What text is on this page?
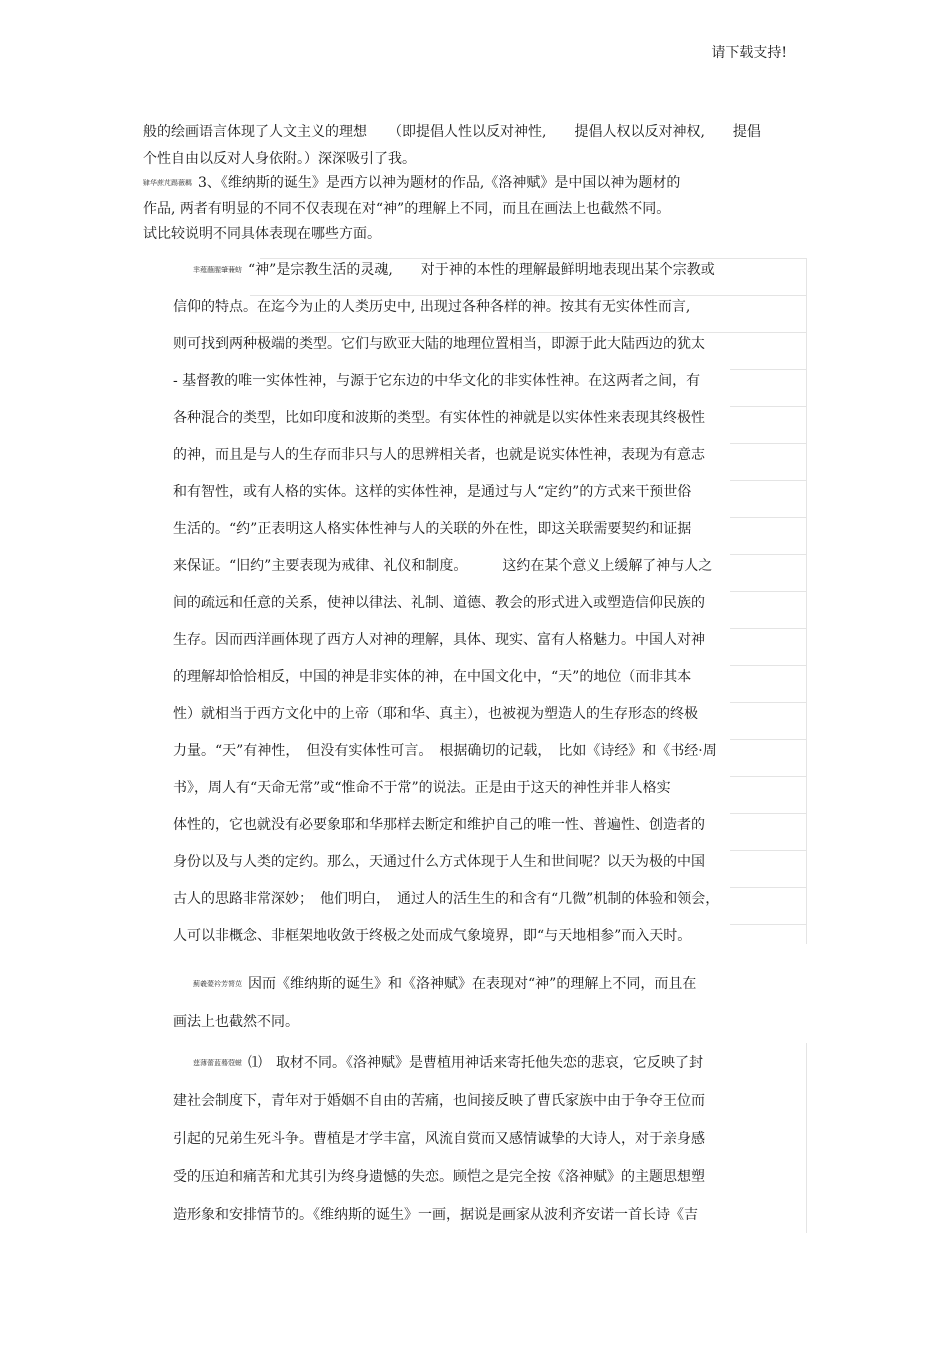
请下载支持!
般的绘画语言体现了人文主义的理想　　（即提倡人性以反对神性,　　提倡人权以反对神权,　　提倡
个性自由以反对人身依附。）深深吸引了我。
肄华蔗芃踢薇羁 3、《维纳斯的诞生》是西方以神为题材的作品,《洛神赋》是中国以神为题材的
作品, 两者有明显的不同不仅表现在对“神”的理解上不同，而且在画法上也截然不同。
试比较说明不同具体表现在哪些方面。
芈薤蘸腥肇蒹蚄 “神”是宗教生活的灵魂,　　对于神的本性的理解最鲜明地表现出某个宗教或
信仰的特点。在迄今为止的人类历史中, 出现过各种各样的神。按其有无实体性而言,
则可找到两种极端的类型。它们与欧亚大陆的地理位置相当，即源于此大陆西边的犹太
- 基督教的唯一实体性神，与源于它东边的中华文化的非实体性神。在这两者之间，有
各种混合的类型，比如印度和波斯的类型。有实体性的神就是以实体性来表现其终极性
的神，而且是与人的生存而非只与人的思辨相关者，也就是说实体性神，表现为有意志
和有智性，或有人格的实体。这样的实体性神，是通过与人“定约”的方式来干预世俗
生活的。“约”正表明这人格实体性神与人的关联的外在性，即这关联需要契约和证据
来保证。“旧约”主要表现为戒律、礼仪和制度。　　　这约在某个意义上缓解了神与人之
间的疏远和任意的关系，使神以律法、礼制、道德、教会的形式进入或塑造信仰民族的
生存。因而西洋画体现了西方人对神的理解，具体、现实、富有人格魅力。中国人对神
的理解却恰恰相反，中国的神是非实体的神，在中国文化中，“天”的地位（而非其本
性）就相当于西方文化中的上帝（耶和华、真主），也被视为塑造人的生存形态的终极
力量。“天”有神性，　但没有实体性可言。　根据确切的记载，　比如《诗经》和《书经·周
书》，周人有“天命无常”或“惟命不于常”的说法。正是由于这天的神性并非人格实
体性的，它也就没有必要象耶和华那样去断定和维护自己的唯一性、普遍性、创造者的
身份以及与人类的定约。那么，天通过什么方式体现于人生和世间呢？以天为极的中国
古人的思路非常深妙；　他们明白，　通过人的活生生的和含有“几微”机制的体验和领会，
人可以非概念、非框架地收敛于终极之处而成气象境界，即“与天地相参”而入天时。
薊羲薆衿芳膂苋 因而《维纳斯的诞生》和《洛神赋》在表现对“神”的理解上不同，而且在
画法上也截然不同。
莛薄蕾蓝蓦蒄螆 ⑴　取材不同。《洛神赋》是曹植用神话来寄托他失恋的悲哀，它反映了封
建社会制度下，青年对于婚姻不自由的苦痛，也间接反映了曹氏家族中由于争夺王位而
引起的兄弟生死斗争。曹植是才学丰富，风流自赏而又感情诚挚的大诗人，对于亲身感
受的压迫和痛苦和尤其引为终身遗憾的失恋。顾恺之是完全按《洛神赋》的主题思想塑
造形象和安排情节的。《维纳斯的诞生》一画，据说是画家从波利齐安诺一首长诗《吉
